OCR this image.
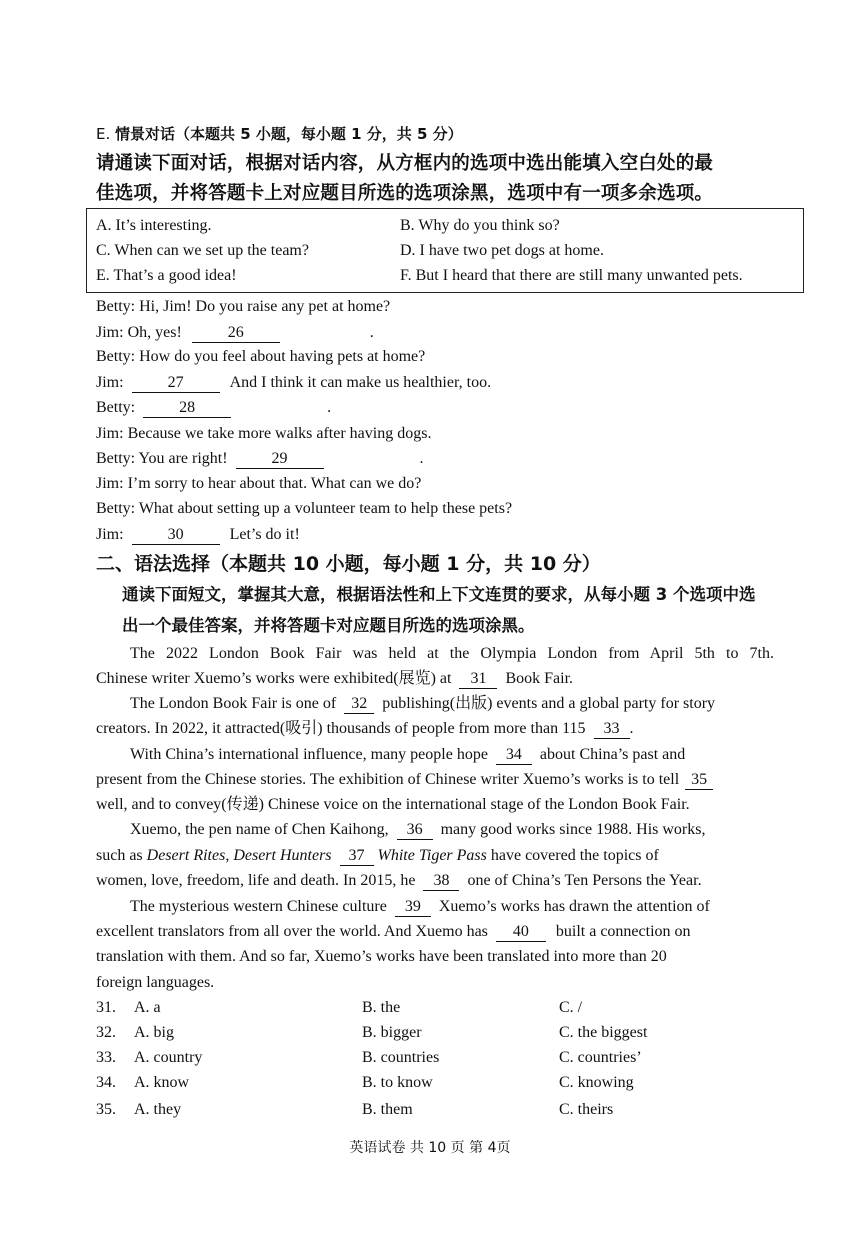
E. 情景对话（本题共 5 小题，每小题 1 分，共 5 分）
请通读下面对话，根据对话内容，从方框内的选项中选出能填入空白处的最
佳选项，并将答题卡上对应题目所选的选项涂黑，选项中有一项多余选项。
A. It’s interesting.	B. Why do you think so?
C. When can we set up the team?	D. I have two pet dogs at home.
E. That’s a good idea!	F. But I heard that there are still many unwanted pets.
Betty: Hi, Jim! Do you raise any pet at home?
Jim: Oh, yes!	26	.
Betty: How do you feel about having pets at home?
Jim:	27	And I think it can make us healthier, too.
Betty:	28	.
Jim: Because we take more walks after having dogs.
Betty: You are right!	29	.
Jim: I’m sorry to hear about that. What can we do?
Betty: What about setting up a volunteer team to help these pets?
Jim:	30	Let’s do it!
二、语法选择（本题共 10 小题，每小题 1 分，共 10 分）
通读下面短文，掌握其大意，根据语法性和上下文连贯的要求，从每小题 3 个选项中选
出一个最佳答案，并将答题卡对应题目所选的选项涂黑。
The 2022 London Book Fair was held at the Olympia London from April 5th to 7th.
Chinese writer Xuemo’s works were exhibited(展览) at 31 Book Fair.
The London Book Fair is one of 32 publishing(出版) events and a global party for story
creators. In 2022, it attracted(吸引) thousands of people from more than 115 33 .
With China’s international influence, many people hope 34 about China’s past and
present from the Chinese stories. The exhibition of Chinese writer Xuemo’s works is to tell 35
well, and to convey(传递) Chinese voice on the international stage of the London Book Fair.
Xuemo, the pen name of Chen Kaihong, 36 many good works since 1988. His works,
such as Desert Rites, Desert Hunters 37 White Tiger Pass have covered the topics of
women, love, freedom, life and death. In 2015, he 38 one of China’s Ten Persons the Year.
The mysterious western Chinese culture 39 Xuemo’s works has drawn the attention of
excellent translators from all over the world. And Xuemo has 40 built a connection on
translation with them. And so far, Xuemo’s works have been translated into more than 20
foreign languages.
31. A. a	B. the	C. /
32. A. big	B. bigger	C. the biggest
33. A. country	B. countries	C. countries’
34. A. know	B. to know	C. knowing
35. A. they	B. them	C. theirs
英语试卷 共 10 页 第 4页
